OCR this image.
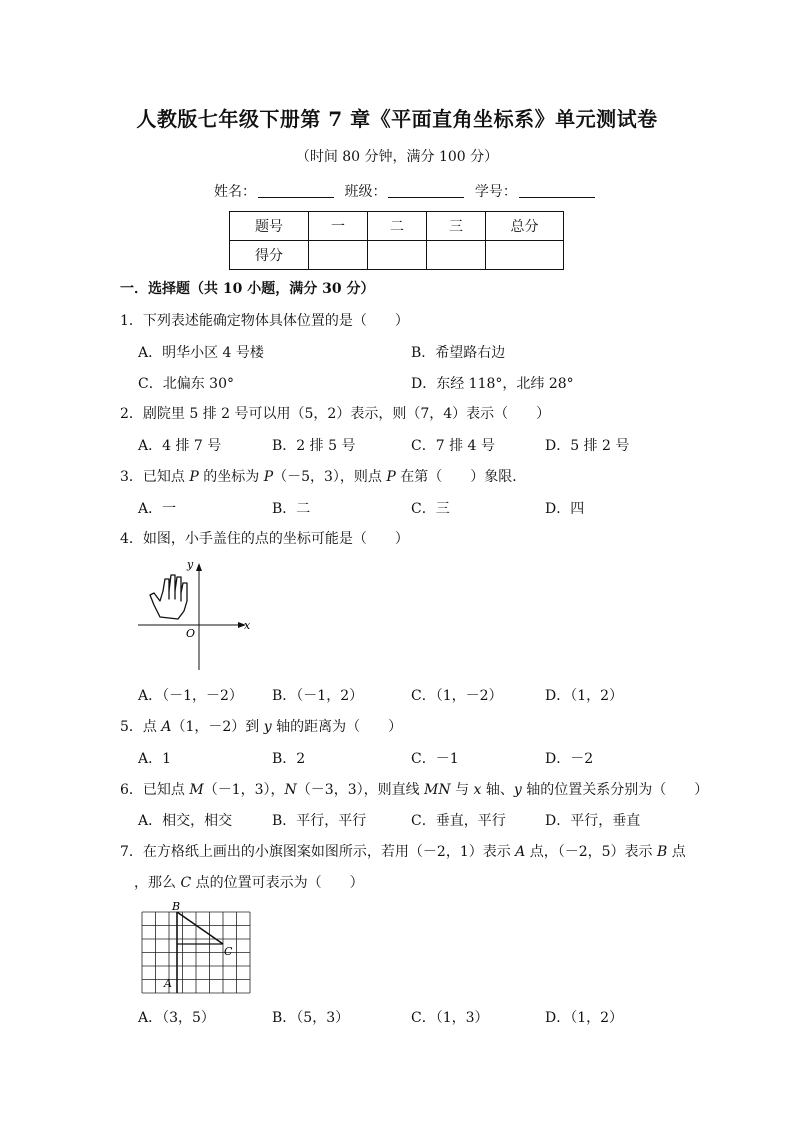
人教版七年级下册第 7 章《平面直角坐标系》单元测试卷
（时间 80 分钟，满分 100 分）
姓名：	班级：	学号：
题号	一	二	三	总分
得分				
一．选择题（共 10 小题，满分 30 分）
1．下列表述能确定物体具体位置的是（　　）
A．明华小区 4 号楼	B．希望路右边
C．北偏东 30°	D．东经 118°，北纬 28°
2．剧院里 5 排 2 号可以用（5，2）表示，则（7，4）表示（　　）
A．4 排 7 号	B．2 排 5 号	C．7 排 4 号	D．5 排 2 号
3．已知点 P 的坐标为 P（－5，3），则点 P 在第（　　）象限．
A．一	B．二	C．三	D．四
4．如图，小手盖住的点的坐标可能是（　　）
x
y
O
A．（－1，－2） B．（－1，2）	C．（1，－2）	D．（1，2）
5．点 A（1，－2）到 y 轴的距离为（　　）
A．1	B．2	C．－1	D．－2
6．已知点 M（－1，3），N（－3，3），则直线 MN 与 x 轴、y 轴的位置关系分别为（　　）
A．相交，相交	B．平行，平行	C．垂直，平行	D．平行，垂直
7．在方格纸上画出的小旗图案如图所示，若用（－2，1）表示 A 点，（－2，5）表示 B 点
，那么 C 点的位置可表示为（　　）
B
C
A
A．（3，5）	B．（5，3）	C．（1，3）	D．（1，2）
